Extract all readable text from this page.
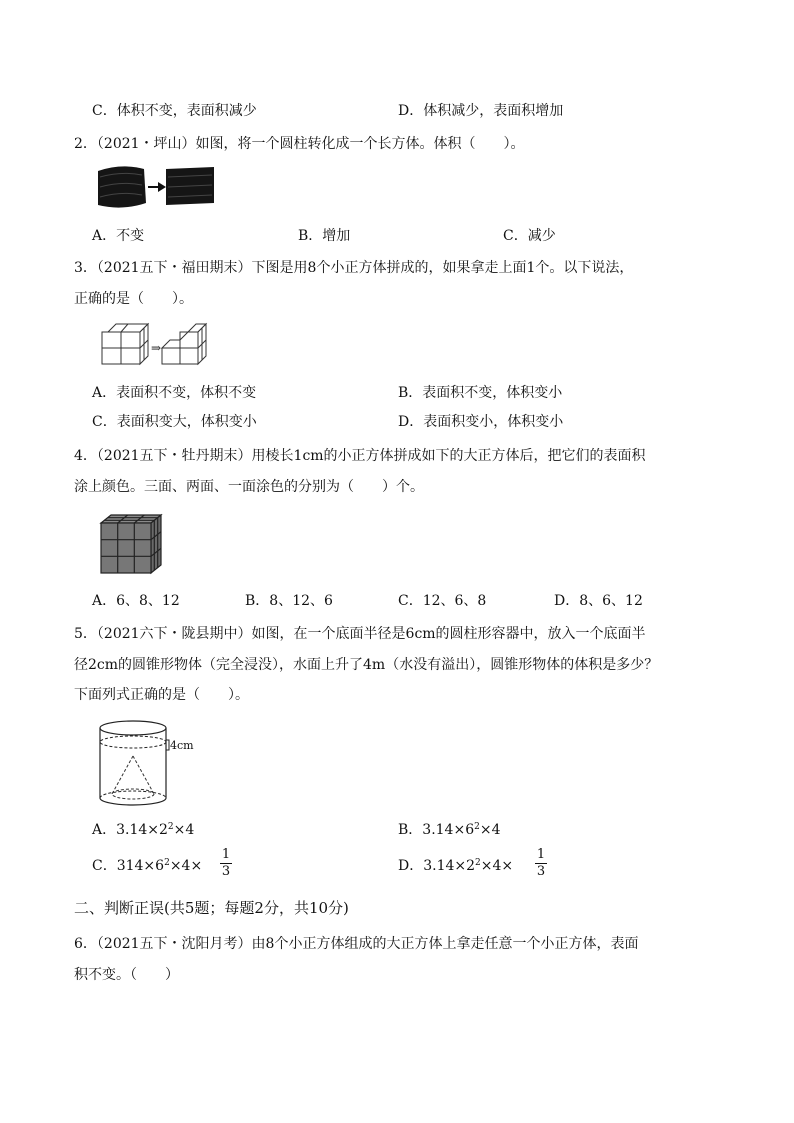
C．体积不变，表面积减少	D．体积减少，表面积增加
2．（2021・坪山）如图，将一个圆柱转化成一个长方体。体积（　　）。
A．不变	B．增加	C．减少
3．（2021五下・福田期末）下图是用8个小正方体拼成的，如果拿走上面1个。以下说法，
正确的是（　　）。
⇒
A．表面积不变，体积不变	B．表面积不变，体积变小
C．表面积变大，体积变小	D．表面积变小，体积变小
4．（2021五下・牡丹期末）用棱长1cm的小正方体拼成如下的大正方体后，把它们的表面积
涂上颜色。三面、两面、一面涂色的分别为（　　）个。
A．6、8、12	B．8、12、6	C．12、6、8	D．8、6、12
5．（2021六下・陇县期中）如图，在一个底面半径是6cm的圆柱形容器中，放入一个底面半
径2cm的圆锥形物体（完全浸没），水面上升了4m（水没有溢出），圆锥形物体的体积是多少？
下面列式正确的是（　　）。
4cm
A．$3.14\times 2^2\times 4$	B．$3.14\times 6^2\times 4$
C．$314\times 6^2\times 4\times \frac{1}{3}$	D．$3.14\times 2^2\times 4\times \frac{1}{3}$
二、判断正误(共5题；每题2分，共10分)
6．（2021五下・沈阳月考）由8个小正方体组成的大正方体上拿走任意一个小正方体，表面
积不变。（　　）
